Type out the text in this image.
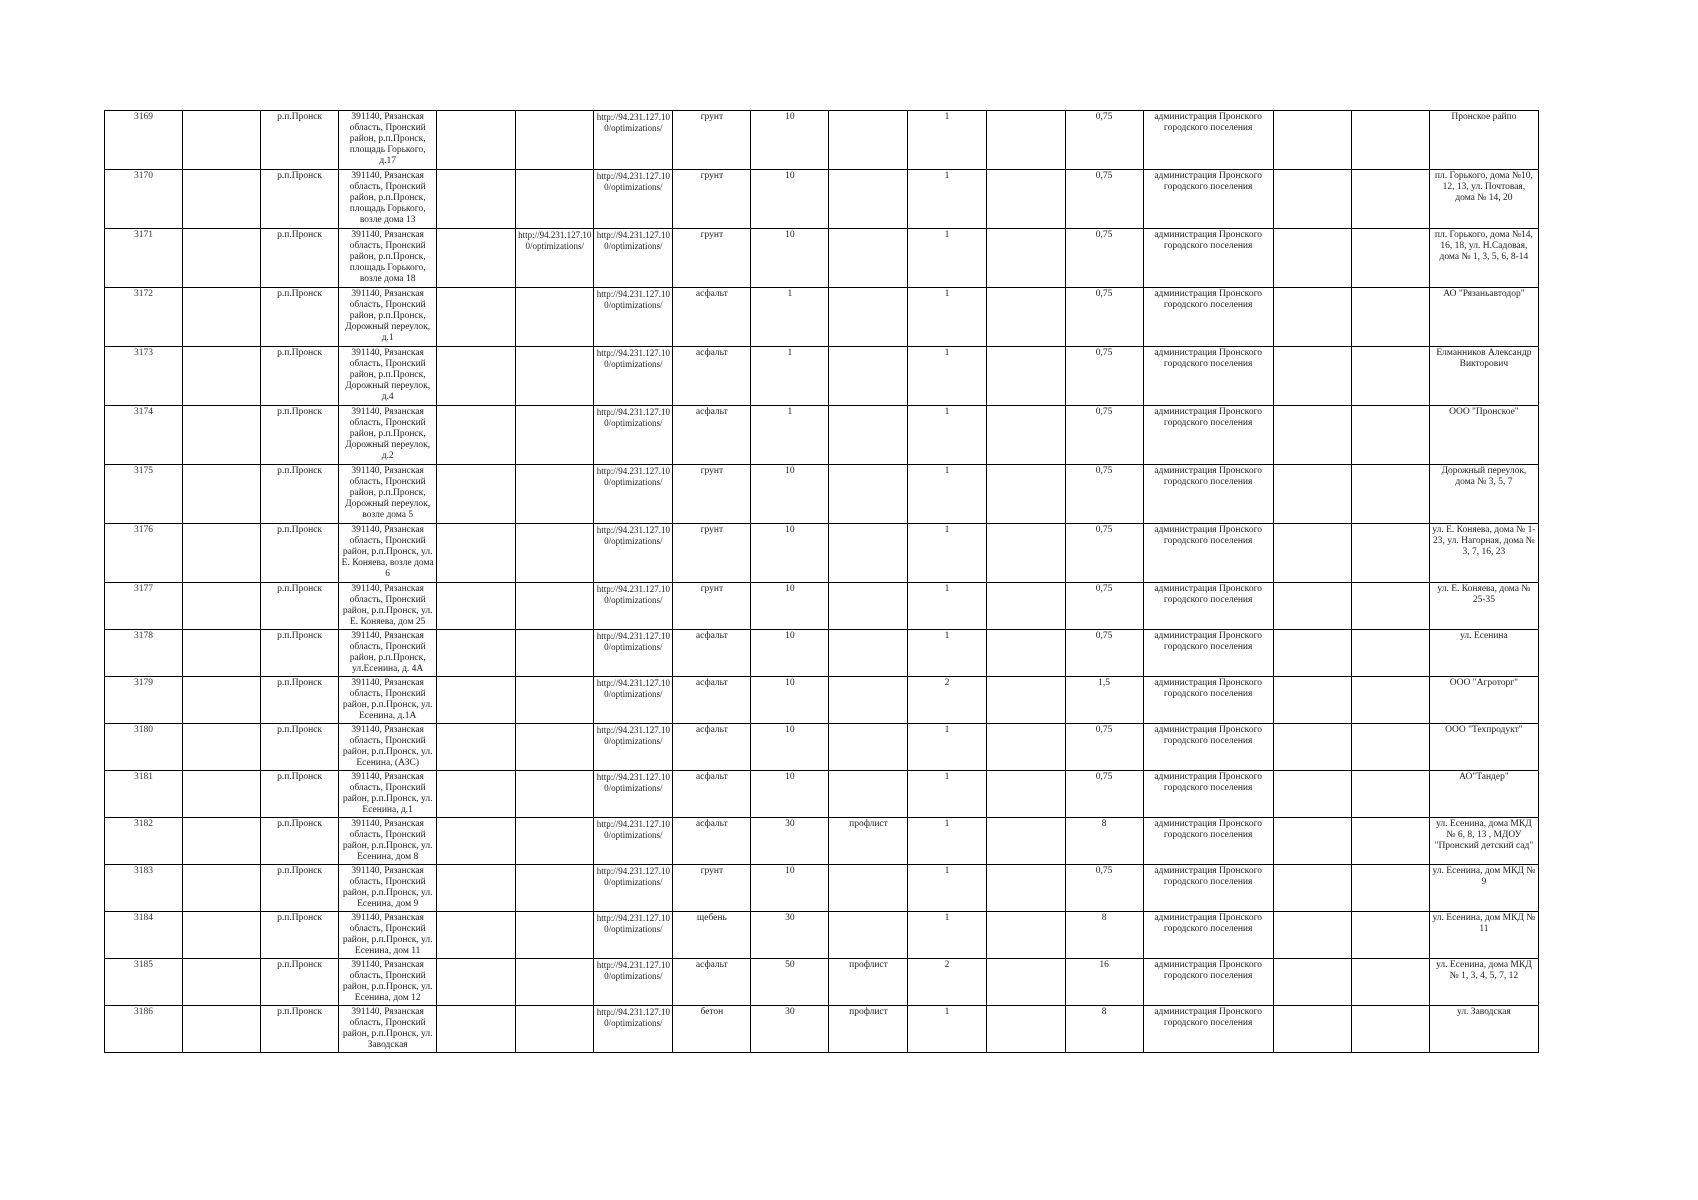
3169		р.п.Пронск	391140, Рязанская область, Пронский район, р.п.Пронск, площадь Горького, д.17			http://94.231.127.10 0/optimizations/	грунт	10		1		0,75	администрация Пронского городского поселения			Пронское райпо
3170		р.п.Пронск	391140, Рязанская область, Пронский район, р.п.Пронск, площадь Горького, возле дома 13			http://94.231.127.10 0/optimizations/	грунт	10		1		0,75	администрация Пронского городского поселения			пл. Горького, дома №10, 12, 13, ул. Почтовая, дома № 14, 20
3171		р.п.Пронск	391140, Рязанская область, Пронский район, р.п.Пронск, площадь Горького, возле дома 18		http://94.231.127.10 0/optimizations/	http://94.231.127.10 0/optimizations/	грунт	10		1		0,75	администрация Пронского городского поселения			пл. Горького, дома №14, 16, 18, ул. Н.Садовая, дома № 1, 3, 5, 6, 8-14
3172		р.п.Пронск	391140, Рязанская область, Пронский район, р.п.Пронск, Дорожный переулок, д.1			http://94.231.127.10 0/optimizations/	асфальт	1		1		0,75	администрация Пронского городского поселения			АО "Рязаньавтодор"
3173		р.п.Пронск	391140, Рязанская область, Пронский район, р.п.Пронск, Дорожный переулок, д.4			http://94.231.127.10 0/optimizations/	асфальт	1		1		0,75	администрация Пронского городского поселения			Елманников Александр Викторович
3174		р.п.Пронск	391140, Рязанская область, Пронский район, р.п.Пронск, Дорожный переулок, д.2			http://94.231.127.10 0/optimizations/	асфальт	1		1		0,75	администрация Пронского городского поселения			ООО "Пронское"
3175		р.п.Пронск	391140, Рязанская область, Пронский район, р.п.Пронск, Дорожный переулок, возле дома 5			http://94.231.127.10 0/optimizations/	грунт	10		1		0,75	администрация Пронского городского поселения			Дорожный переулок, дома № 3, 5, 7
3176		р.п.Пронск	391140, Рязанская область, Пронский район, р.п.Пронск, ул. Е. Коняева, возле дома 6			http://94.231.127.10 0/optimizations/	грунт	10		1		0,75	администрация Пронского городского поселения			ул. Е. Коняева, дома № 1-23, ул. Нагорная, дома № 3, 7, 16, 23
3177		р.п.Пронск	391140, Рязанская область, Пронский район, р.п.Пронск, ул. Е. Коняева, дом 25			http://94.231.127.10 0/optimizations/	грунт	10		1		0,75	администрация Пронского городского поселения			ул. Е. Коняева, дома № 25-35
3178		р.п.Пронск	391140, Рязанская область, Пронский район, р.п.Пронск, ул.Есенина, д. 4А			http://94.231.127.10 0/optimizations/	асфальт	10		1		0,75	администрация Пронского городского поселения			ул. Есенина
3179		р.п.Пронск	391140, Рязанская область, Пронский район, р.п.Пронск, ул. Есенина, д.1А			http://94.231.127.10 0/optimizations/	асфальт	10		2		1,5	администрация Пронского городского поселения			ООО "Агроторг"
3180		р.п.Пронск	391140, Рязанская область, Пронский район, р.п.Пронск, ул. Есенина, (АЗС)			http://94.231.127.10 0/optimizations/	асфальт	10		1		0,75	администрация Пронского городского поселения			ООО "Техпродукт"
3181		р.п.Пронск	391140, Рязанская область, Пронский район, р.п.Пронск, ул. Есенина, д.1			http://94.231.127.10 0/optimizations/	асфальт	10		1		0,75	администрация Пронского городского поселения			АО"Тандер"
3182		р.п.Пронск	391140, Рязанская область, Пронский район, р.п.Пронск, ул. Есенина, дом 8			http://94.231.127.10 0/optimizations/	асфальт	30	профлист	1		8	администрация Пронского городского поселения			ул. Есенина, дома МКД № 6, 8, 13 , МДОУ "Пронский детский сад"
3183		р.п.Пронск	391140, Рязанская область, Пронский район, р.п.Пронск, ул. Есенина, дом 9			http://94.231.127.10 0/optimizations/	грунт	10		1		0,75	администрация Пронского городского поселения			ул. Есенина, дом МКД № 9
3184		р.п.Пронск	391140, Рязанская область, Пронский район, р.п.Пронск, ул. Есенина, дом 11			http://94.231.127.10 0/optimizations/	щебень	30		1		8	администрация Пронского городского поселения			ул. Есенина, дом МКД № 11
3185		р.п.Пронск	391140, Рязанская область, Пронский район, р.п.Пронск, ул. Есенина, дом 12			http://94.231.127.10 0/optimizations/	асфальт	50	профлист	2		16	администрация Пронского городского поселения			ул. Есенина, дома МКД № 1, 3, 4, 5, 7, 12
3186		р.п.Пронск	391140, Рязанская область, Пронский район, р.п.Пронск, ул. Заводская			http://94.231.127.10 0/optimizations/	бетон	30	профлист	1		8	администрация Пронского городского поселения			ул. Заводская
